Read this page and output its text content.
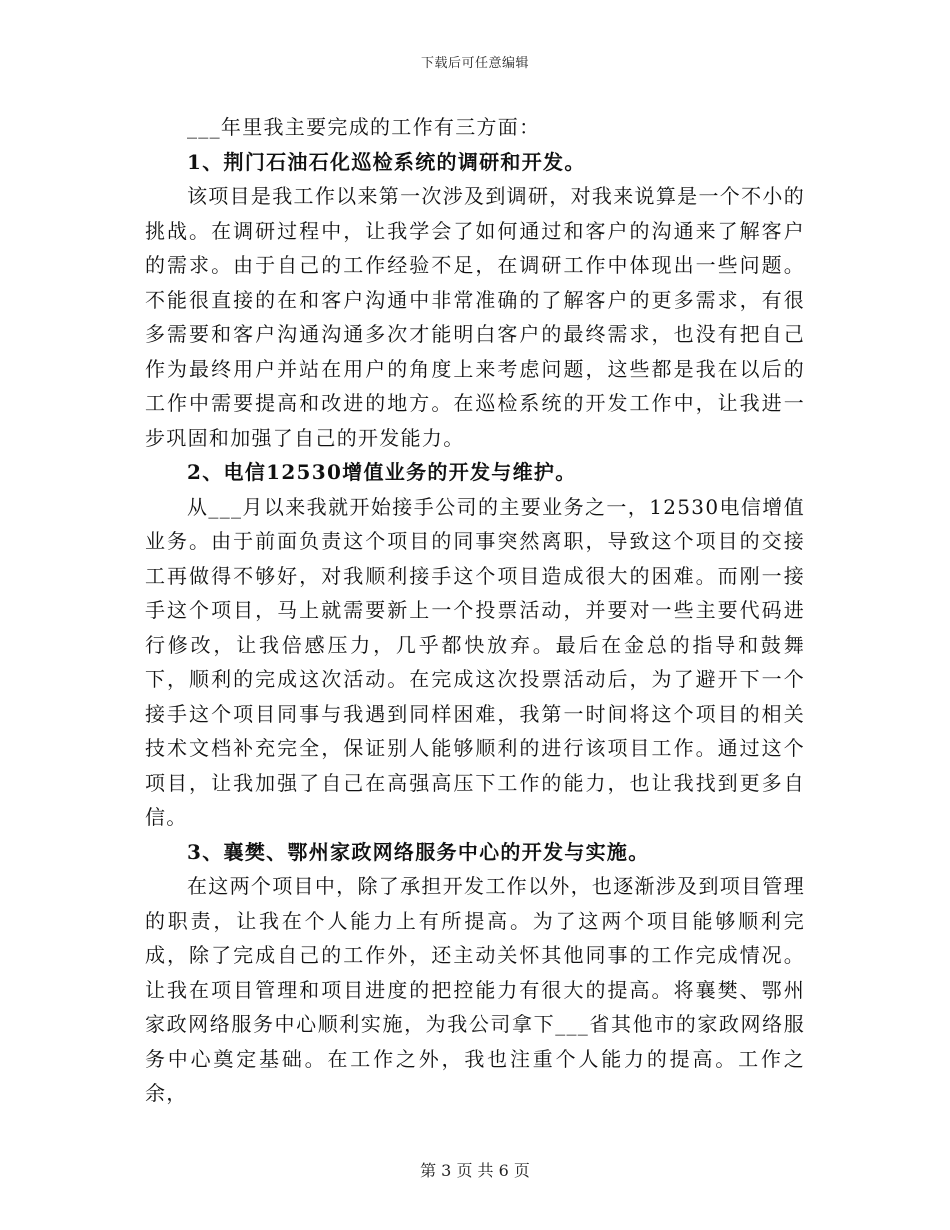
下载后可任意编辑

___年里我主要完成的工作有三方面：

1、荆门石油石化巡检系统的调研和开发。

该项目是我工作以来第一次涉及到调研，对我来说算是一个不小的挑战。在调研过程中，让我学会了如何通过和客户的沟通来了解客户的需求。由于自己的工作经验不足，在调研工作中体现出一些问题。不能很直接的在和客户沟通中非常准确的了解客户的更多需求，有很多需要和客户沟通沟通多次才能明白客户的最终需求，也没有把自己作为最终用户并站在用户的角度上来考虑问题，这些都是我在以后的工作中需要提高和改进的地方。在巡检系统的开发工作中，让我进一步巩固和加强了自己的开发能力。

2、电信12530增值业务的开发与维护。

从___月以来我就开始接手公司的主要业务之一，12530电信增值业务。由于前面负责这个项目的同事突然离职，导致这个项目的交接工再做得不够好，对我顺利接手这个项目造成很大的困难。而刚一接手这个项目，马上就需要新上一个投票活动，并要对一些主要代码进行修改，让我倍感压力，几乎都快放弃。最后在金总的指导和鼓舞下，顺利的完成这次活动。在完成这次投票活动后，为了避开下一个接手这个项目同事与我遇到同样困难，我第一时间将这个项目的相关技术文档补充完全，保证别人能够顺利的进行该项目工作。通过这个项目，让我加强了自己在高强高压下工作的能力，也让我找到更多自信。

3、襄樊、鄂州家政网络服务中心的开发与实施。

在这两个项目中，除了承担开发工作以外，也逐渐涉及到项目管理的职责，让我在个人能力上有所提高。为了这两个项目能够顺利完成，除了完成自己的工作外，还主动关怀其他同事的工作完成情况。让我在项目管理和项目进度的把控能力有很大的提高。将襄樊、鄂州家政网络服务中心顺利实施，为我公司拿下___省其他市的家政网络服务中心奠定基础。在工作之外，我也注重个人能力的提高。工作之余，

第 3 页 共 6 页
